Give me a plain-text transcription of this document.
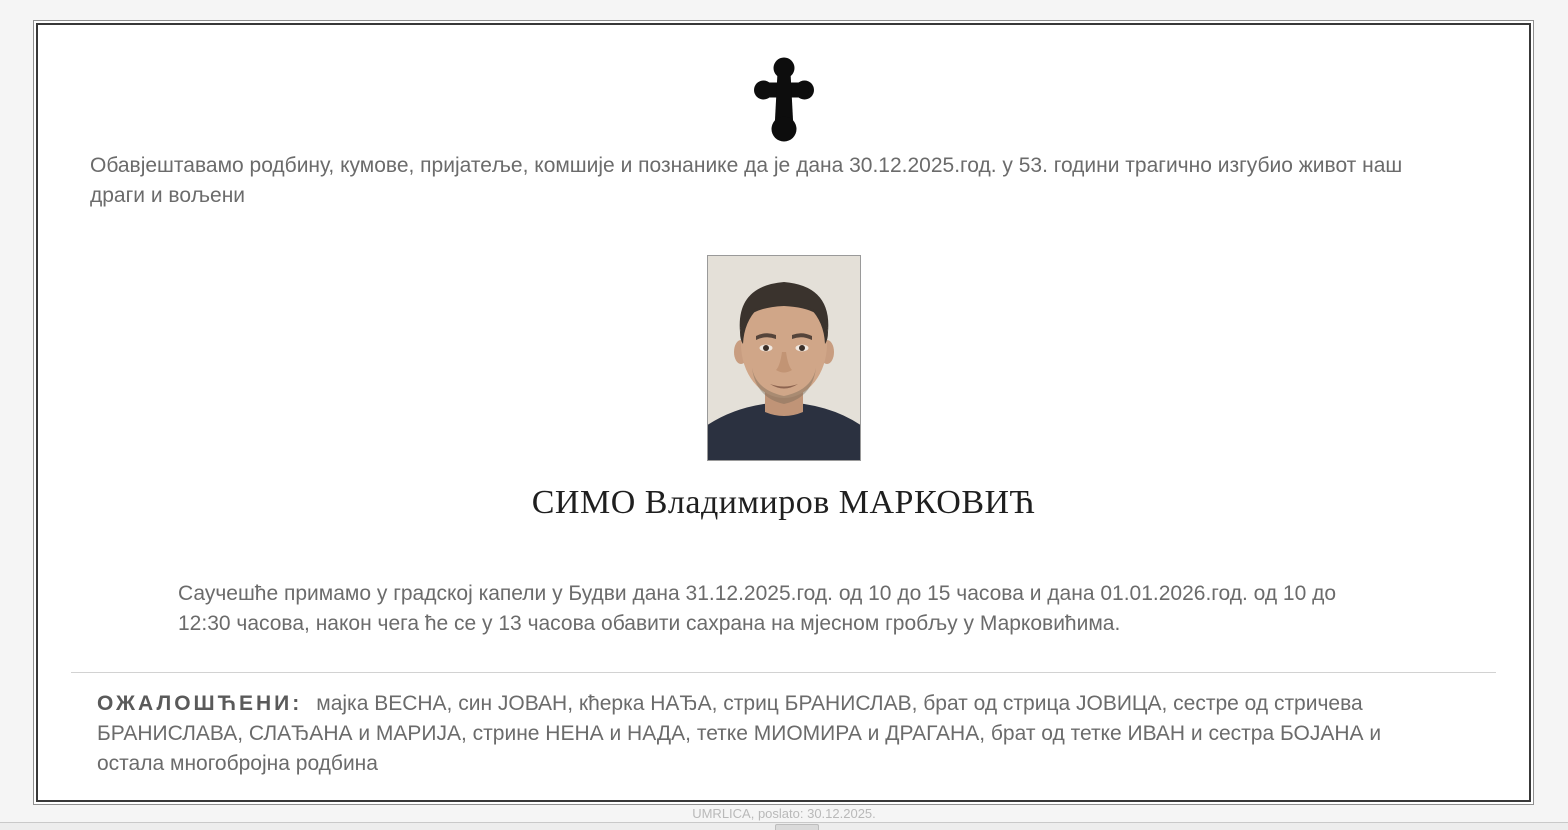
Обавјештавамо родбину, кумове, пријатеље, комшије и познанике да је дана 30.12.2025.год. у 53. години трагично изгубио живот наш драги и вољени

СИМО Владимиров МАРКОВИЋ

Саучешће примамо у градској капели у Будви дана 31.12.2025.год. од 10 до 15 часова и дана 01.01.2026.год. од 10 до 12:30 часова, након чега ће се у 13 часова обавити сахрана на мјесном гробљу у Марковићима.

ОЖАЛОШЋЕНИ: мајка ВЕСНА, син ЈОВАН, кћерка НАЂА, стриц БРАНИСЛАВ, брат од стрица ЈОВИЦА, сестре од стричева БРАНИСЛАВА, СЛАЂАНА и МАРИЈА, стрине НЕНА и НАДА, тетке МИОМИРА и ДРАГАНА, брат од тетке ИВАН и сестра БОЈАНА и остала многобројна родбина

UMRLICA, poslato: 30.12.2025.
